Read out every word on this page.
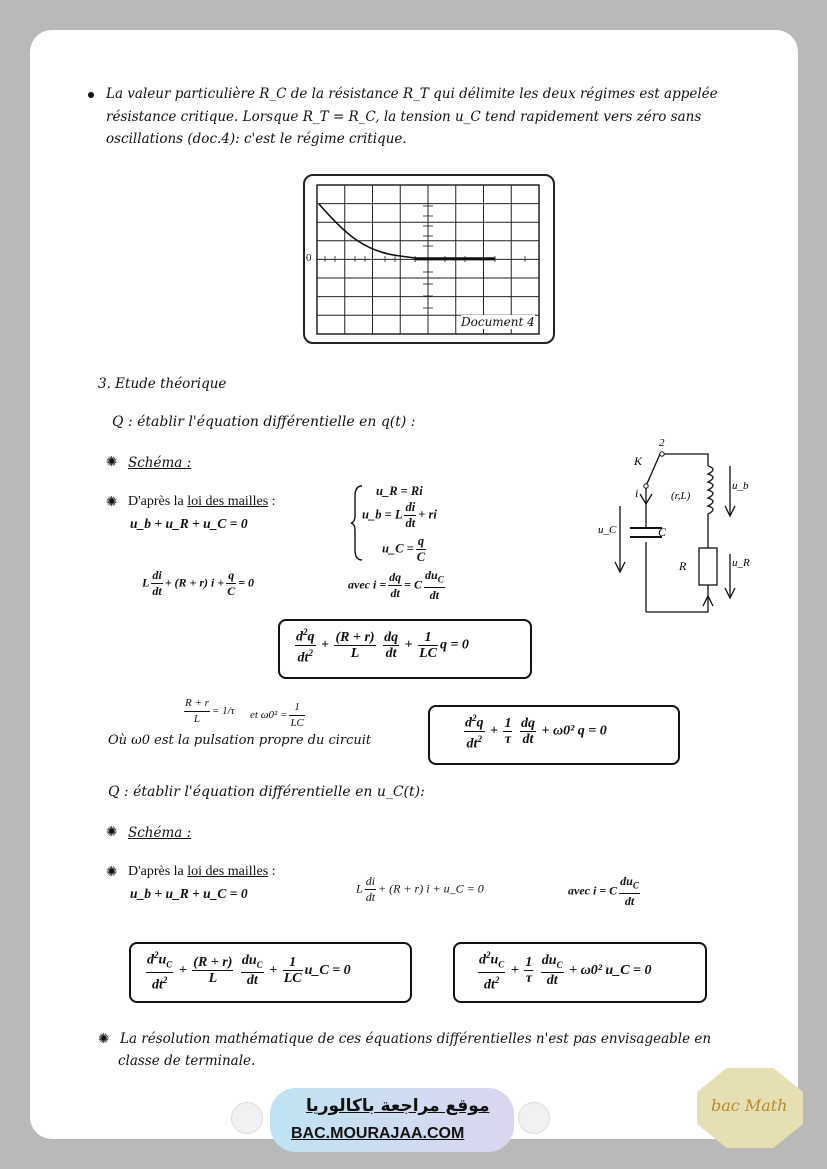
La valeur particulière R_C de la résistance R_T qui délimite les deux régimes est appelée
résistance critique. Lorsque R_T = R_C, la tension u_C tend rapidement vers zéro sans
oscillations (doc.4): c'est le régime critique.
0
Document 4
3. Etude théorique
Q : établir l'équation différentielle en q(t) :
✺ Schéma :
✺ D'après la loi des mailles :
u_b + u_R + u_C = 0
u_R = Ri
u_b = L $\frac{di}{dt}$ + ri
u_C = $\frac{q}{C}$
L $\frac{di}{dt} + (R + r) i + \frac{q}{C} = 0$	avec $i = \frac{dq}{dt} = C \frac{du_C}{dt}$
$\frac{d^2q}{dt^2} + \frac{(R + r)}{L}$
$\frac{dq}{dt} + \frac{1}{LC}$ q = 0
$\frac{R + r}{L} = 1/\tau$ et $\omega 0^2 = \frac{1}{LC}$
Où ω0 est la pulsation propre du circuit	$\frac{d^2q}{dt^2} + \frac{1}{\tau}$
$\frac{dq}{dt} + \omega 0^2$ q = 0
Q : établir l'équation différentielle en u_C(t):
✺ Schéma :
✺ D'après la loi des mailles :
u_b + u_R + u_C = 0	L $\frac{di}{dt} + (R + r) i$ + u_C = 0	avec i = C $\frac{du_C}{dt}$
$\frac{d^2u_C}{dt^2} + \frac{(R + r)}{L}$
$\frac{du_C}{dt} + \frac{1}{LC}$ u_C = 0	$\frac{d^2u_C}{dt^2} + \frac{1}{\tau}$
$\frac{du_C}{dt} + \omega 0^2$ u_C = 0
✺ La résolution mathématique de ces équations différentielles n'est pas envisageable en
classe de terminale.
K
2
i	(r,L)
u_b
u_C	C
R	u_R
موقع مراجعة باكالوريا
BAC.MOURAJAA.COM
bac Math
